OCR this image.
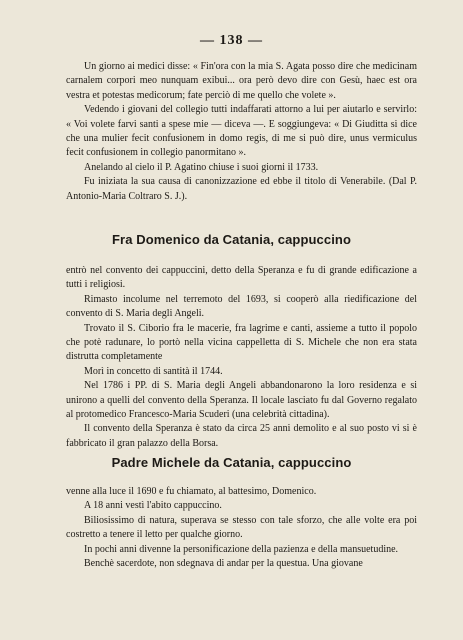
— 138 —

Un giorno ai medici disse: « Fin'ora con la mia S. Agata posso dire che medicinam carnalem corpori meo nunquam exibui... ora però devo dire con Gesù, haec est ora vestra et potestas medicorum; fate perciò di me quello che volete ».

Vedendo i giovani del collegio tutti indaffarati attorno a lui per aiutarlo e servirlo: « Voi volete farvi santi a spese mie — diceva —. E soggiungeva: « Di Giuditta si dice che una mulier fecit confusionem in domo regis, di me si può dire, unus vermiculus fecit confusionem in collegio panormitano ».

Anelando al cielo il P. Agatino chiuse i suoi giorni il 1733.

Fu iniziata la sua causa di canonizzazione ed ebbe il titolo di Venerabile. (Dal P. Antonio-Maria Coltraro S. J.).

Fra Domenico da Catania, cappuccino

entrò nel convento dei cappuccini, detto della Speranza e fu di grande edificazione a tutti i religiosi.

Rimasto incolume nel terremoto del 1693, si cooperò alla riedificazione del convento di S. Maria degli Angeli.

Trovato il S. Ciborio fra le macerie, fra lagrime e canti, assieme a tutto il popolo che potè radunare, lo portò nella vicina cappelletta di S. Michele che non era stata distrutta completamente

Morì in concetto di santità il 1744.

Nel 1786 i PP. di S. Maria degli Angeli abbandonarono la loro residenza e si unirono a quelli del convento della Speranza. Il locale lasciato fu dal Governo regalato al protomedico Francesco-Maria Scuderi (una celebrità cittadina).

Il convento della Speranza è stato da circa 25 anni demolito e al suo posto vi si è fabbricato il gran palazzo della Borsa.

Padre Michele da Catania, cappuccino

venne alla luce il 1690 e fu chiamato, al battesimo, Domenico.

A 18 anni vestì l'abito cappuccino.

Biliosissimo di natura, superava se stesso con tale sforzo, che alle volte era poi costretto a tenere il letto per qualche giorno.

In pochi anni divenne la personificazione della pazienza e della mansuetudine.

Benchè sacerdote, non sdegnava di andar per la questua. Una giovane
